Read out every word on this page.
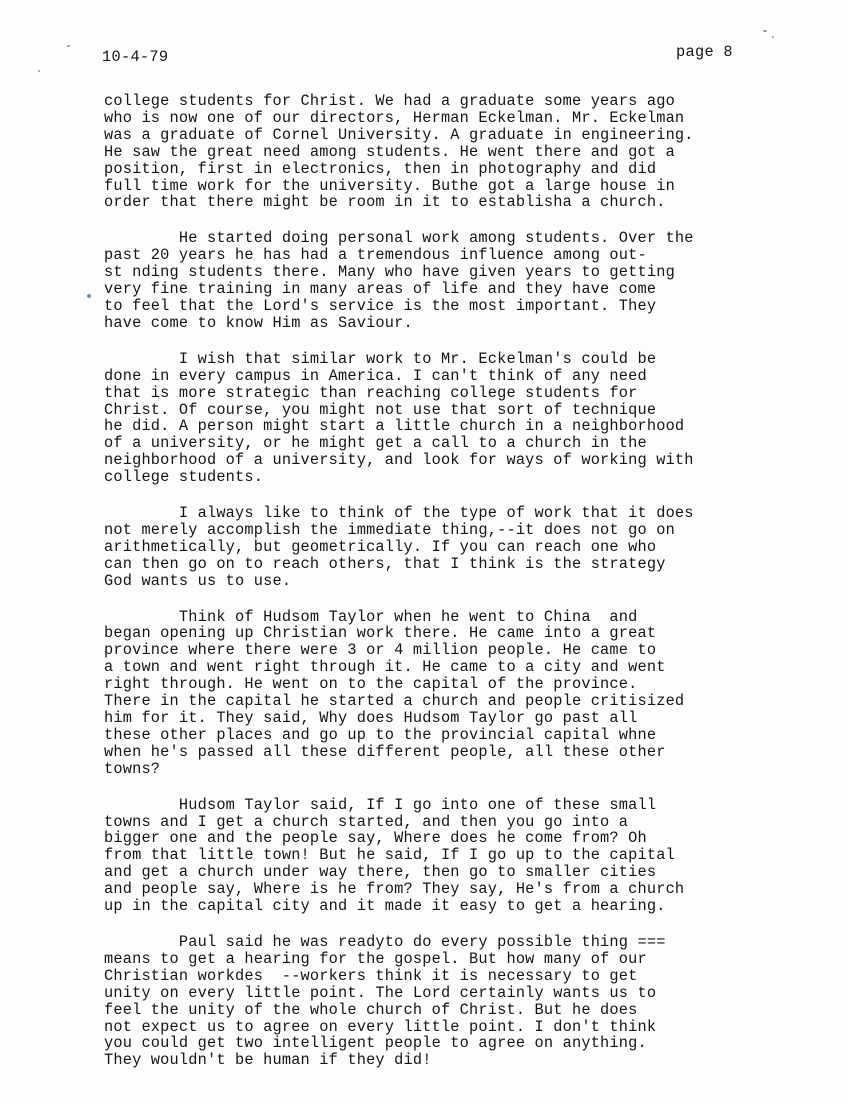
10-4-79	page 8
college students for Christ. We had a graduate some years ago
who is now one of our directors, Herman Eckelman. Mr. Eckelman
was a graduate of Cornel University. A graduate in engineering.
He saw the great need among students. He went there and got a
position, first in electronics, then in photography and did
full time work for the university. Buthe got a large house in
order that there might be room in it to establisha a church.
He started doing personal work among students. Over the
past 20 years he has had a tremendous influence among out-
st nding students there. Many who have given years to getting
very fine training in many areas of life and they have come
to feel that the Lord's service is the most important. They
have come to know Him as Saviour.
I wish that similar work to Mr. Eckelman's could be
done in every campus in America. I can't think of any need
that is more strategic than reaching college students for
Christ. Of course, you might not use that sort of technique
he did. A person might start a little church in a neighborhood
of a university, or he might get a call to a church in the
neighborhood of a university, and look for ways of working with
college students.
I always like to think of the type of work that it does
not merely accomplish the immediate thing,--it does not go on
arithmetically, but geometrically. If you can reach one who
can then go on to reach others, that I think is the strategy
God wants us to use.
Think of Hudsom Taylor when he went to China  and
began opening up Christian work there. He came into a great
province where there were 3 or 4 million people. He came to
a town and went right through it. He came to a city and went
right through. He went on to the capital of the province.
There in the capital he started a church and people critisized
him for it. They said, Why does Hudsom Taylor go past all
these other places and go up to the provincial capital whne
when he's passed all these different people, all these other
towns?
Hudsom Taylor said, If I go into one of these small
towns and I get a church started, and then you go into a
bigger one and the people say, Where does he come from? Oh
from that little town! But he said, If I go up to the capital
and get a church under way there, then go to smaller cities
and people say, Where is he from? They say, He's from a church
up in the capital city and it made it easy to get a hearing.
Paul said he was readyto do every possible thing ===
means to get a hearing for the gospel. But how many of our
Christian workdes  --workers think it is necessary to get
unity on every little point. The Lord certainly wants us to
feel the unity of the whole church of Christ. But he does
not expect us to agree on every little point. I don't think
you could get two intelligent people to agree on anything.
They wouldn't be human if they did!
